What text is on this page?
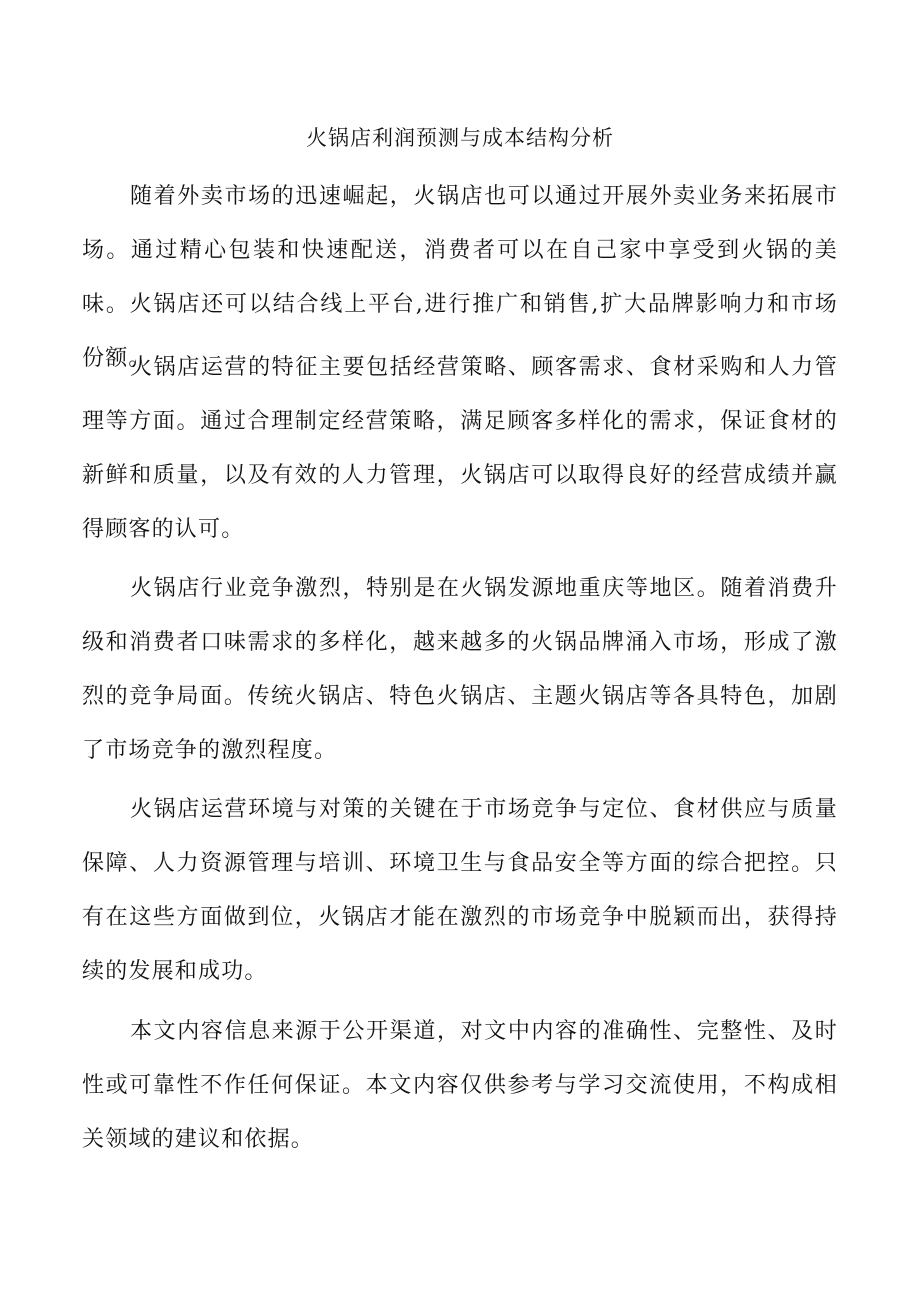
火锅店利润预测与成本结构分析

随着外卖市场的迅速崛起，火锅店也可以通过开展外卖业务来拓展市场。通过精心包装和快速配送，消费者可以在自己家中享受到火锅的美味。火锅店还可以结合线上平台,进行推广和销售,扩大品牌影响力和市场份额。

火锅店运营的特征主要包括经营策略、顾客需求、食材采购和人力管理等方面。通过合理制定经营策略，满足顾客多样化的需求，保证食材的新鲜和质量，以及有效的人力管理，火锅店可以取得良好的经营成绩并赢得顾客的认可。

火锅店行业竞争激烈，特别是在火锅发源地重庆等地区。随着消费升级和消费者口味需求的多样化，越来越多的火锅品牌涌入市场，形成了激烈的竞争局面。传统火锅店、特色火锅店、主题火锅店等各具特色，加剧了市场竞争的激烈程度。

火锅店运营环境与对策的关键在于市场竞争与定位、食材供应与质量保障、人力资源管理与培训、环境卫生与食品安全等方面的综合把控。只有在这些方面做到位，火锅店才能在激烈的市场竞争中脱颖而出，获得持续的发展和成功。

本文内容信息来源于公开渠道，对文中内容的准确性、完整性、及时性或可靠性不作任何保证。本文内容仅供参考与学习交流使用，不构成相关领域的建议和依据。
